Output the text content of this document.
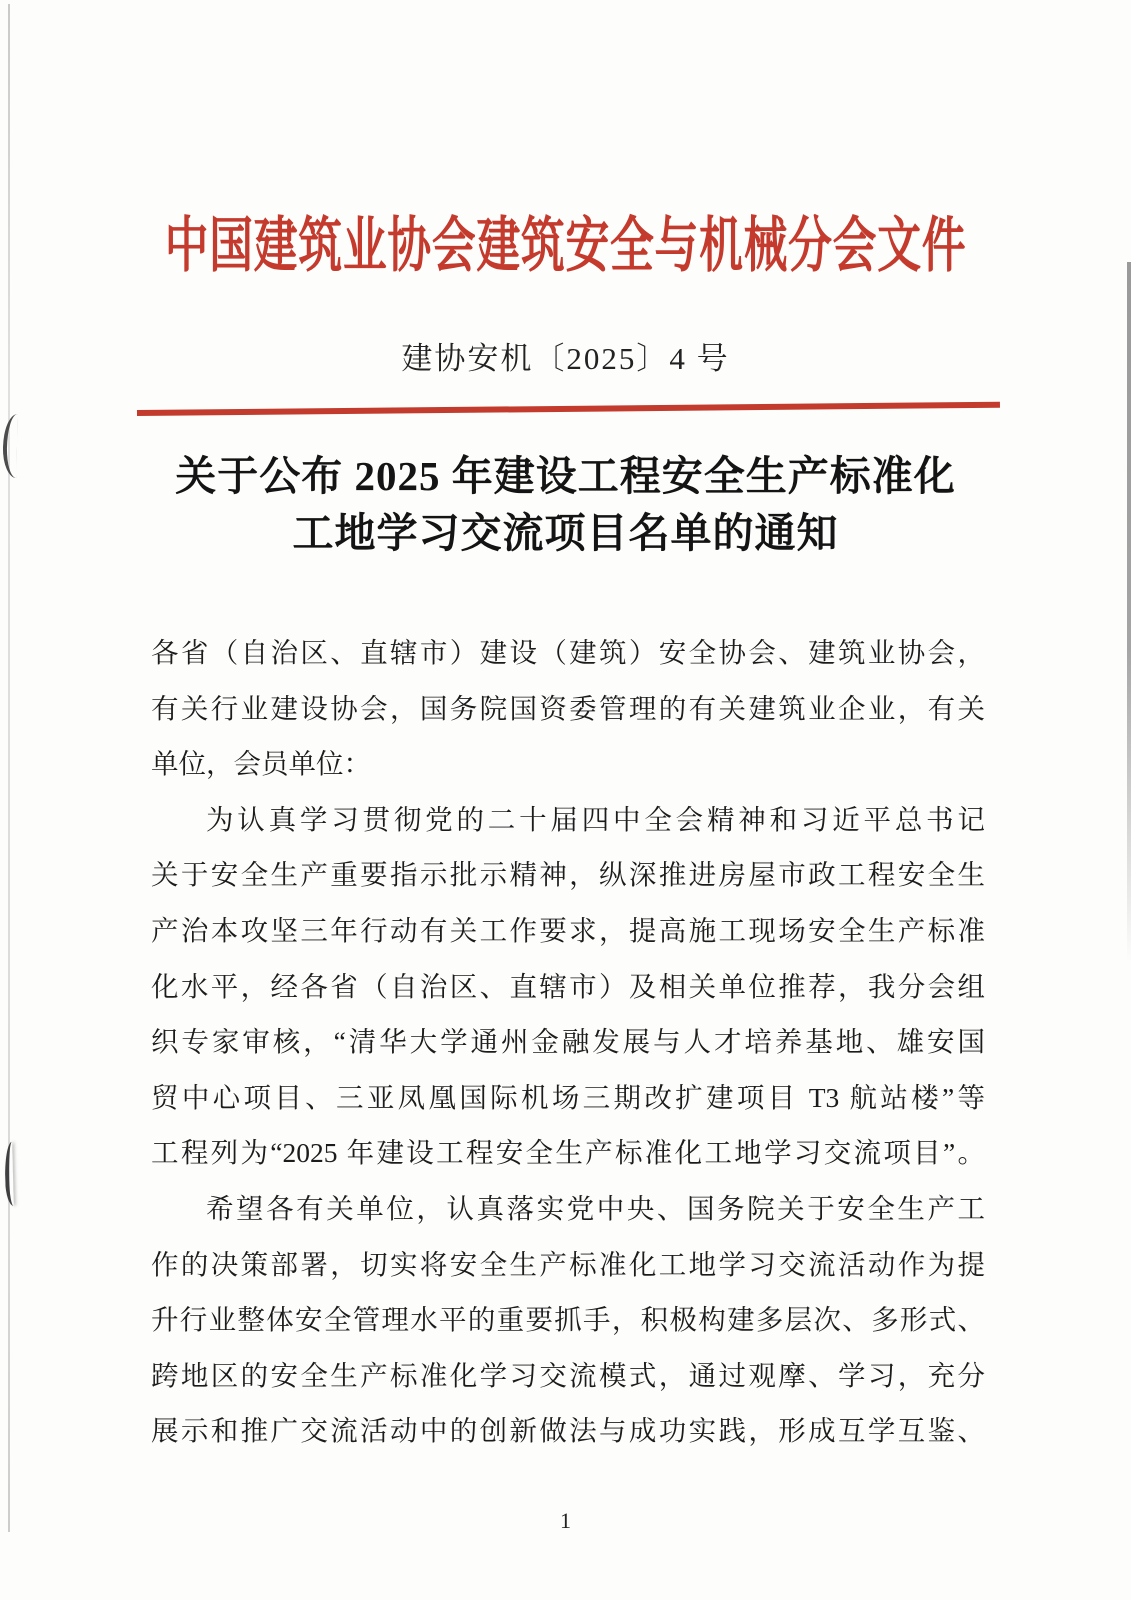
中国建筑业协会建筑安全与机械分会文件
建协安机〔2025〕4 号
关于公布 2025 年建设工程安全生产标准化
工地学习交流项目名单的通知
各省（自治区、直辖市）建设（建筑）安全协会、建筑业协会，
有关行业建设协会，国务院国资委管理的有关建筑业企业，有关
单位，会员单位：
为认真学习贯彻党的二十届四中全会精神和习近平总书记
关于安全生产重要指示批示精神，纵深推进房屋市政工程安全生
产治本攻坚三年行动有关工作要求，提高施工现场安全生产标准
化水平，经各省（自治区、直辖市）及相关单位推荐，我分会组
织专家审核，“清华大学通州金融发展与人才培养基地、雄安国
贸中心项目、三亚凤凰国际机场三期改扩建项目 T3 航站楼”等
工程列为“2025 年建设工程安全生产标准化工地学习交流项目”。
希望各有关单位，认真落实党中央、国务院关于安全生产工
作的决策部署，切实将安全生产标准化工地学习交流活动作为提
升行业整体安全管理水平的重要抓手，积极构建多层次、多形式、
跨地区的安全生产标准化学习交流模式，通过观摩、学习，充分
展示和推广交流活动中的创新做法与成功实践，形成互学互鉴、
1
